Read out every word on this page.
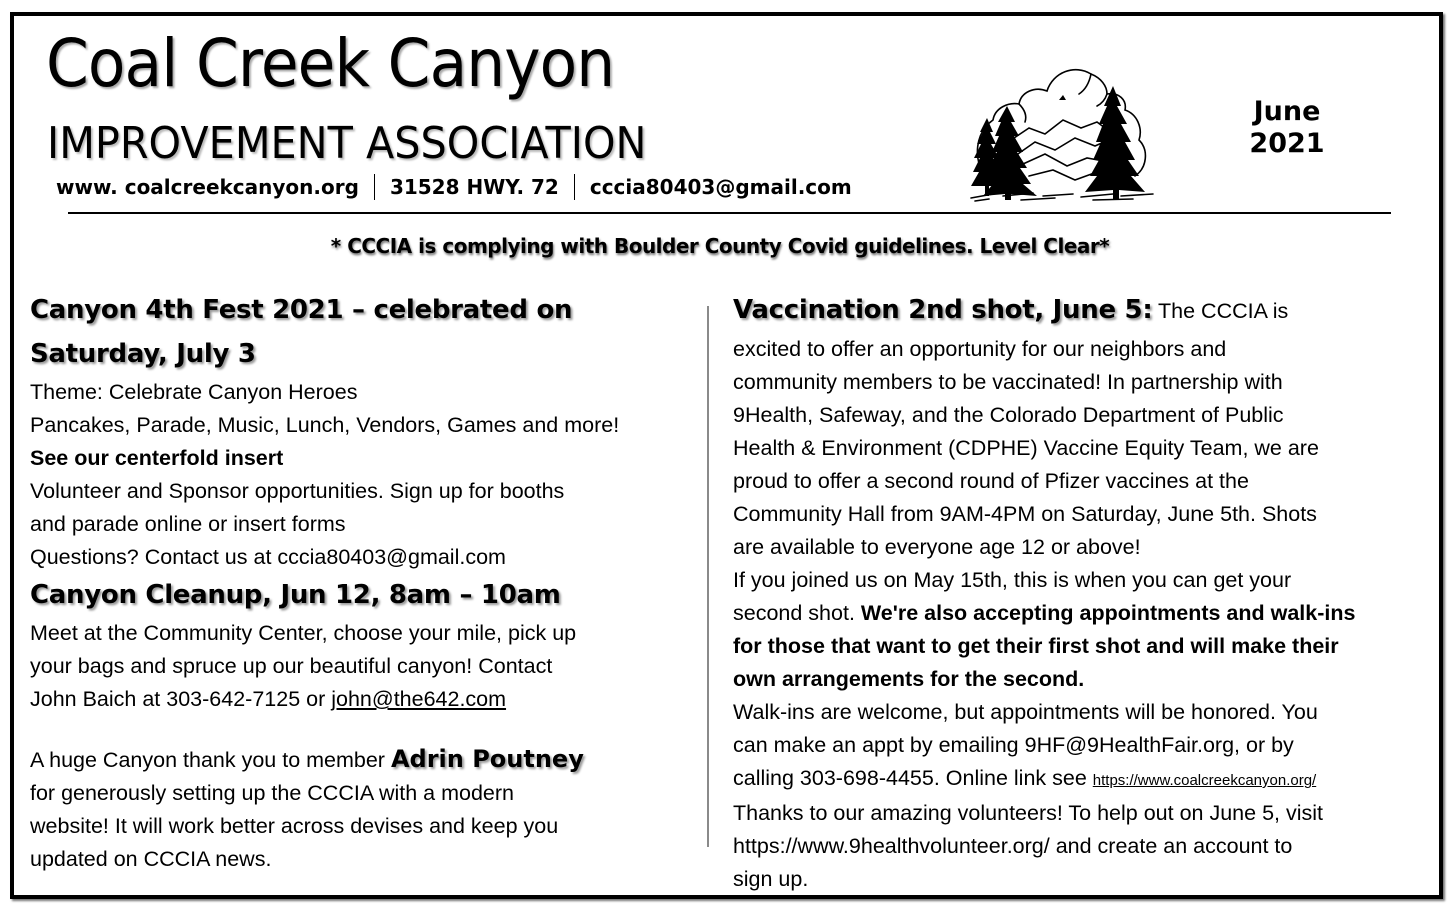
Coal Creek Canyon
IMPROVEMENT ASSOCIATION
www. coalcreekcanyon.org 31528 HWY. 72 cccia80403@gmail.com
June
2021
* CCCIA is complying with Boulder County Covid guidelines. Level Clear*
Canyon 4th Fest 2021 – celebrated on
Saturday, July 3
Theme: Celebrate Canyon Heroes
Pancakes, Parade, Music, Lunch, Vendors, Games and more!
See our centerfold insert
Volunteer and Sponsor opportunities. Sign up for booths
and parade online or insert forms
Questions? Contact us at cccia80403@gmail.com
Canyon Cleanup, Jun 12, 8am – 10am
Meet at the Community Center, choose your mile, pick up
your bags and spruce up our beautiful canyon! Contact
John Baich at 303-642-7125 or john@the642.com
A huge Canyon thank you to member Adrin Poutney
for generously setting up the CCCIA with a modern
website! It will work better across devises and keep you
updated on CCCIA news.
Vaccination 2nd shot, June 5: The CCCIA is
excited to offer an opportunity for our neighbors and
community members to be vaccinated! In partnership with
9Health, Safeway, and the Colorado Department of Public
Health & Environment (CDPHE) Vaccine Equity Team, we are
proud to offer a second round of Pfizer vaccines at the
Community Hall from 9AM-4PM on Saturday, June 5th. Shots
are available to everyone age 12 or above!
If you joined us on May 15th, this is when you can get your
second shot. We're also accepting appointments and walk-ins
for those that want to get their first shot and will make their
own arrangements for the second.
Walk-ins are welcome, but appointments will be honored. You
can make an appt by emailing 9HF@9HealthFair.org, or by
calling 303-698-4455. Online link see https://www.coalcreekcanyon.org/
Thanks to our amazing volunteers! To help out on June 5, visit
https://www.9healthvolunteer.org/ and create an account to
sign up.
